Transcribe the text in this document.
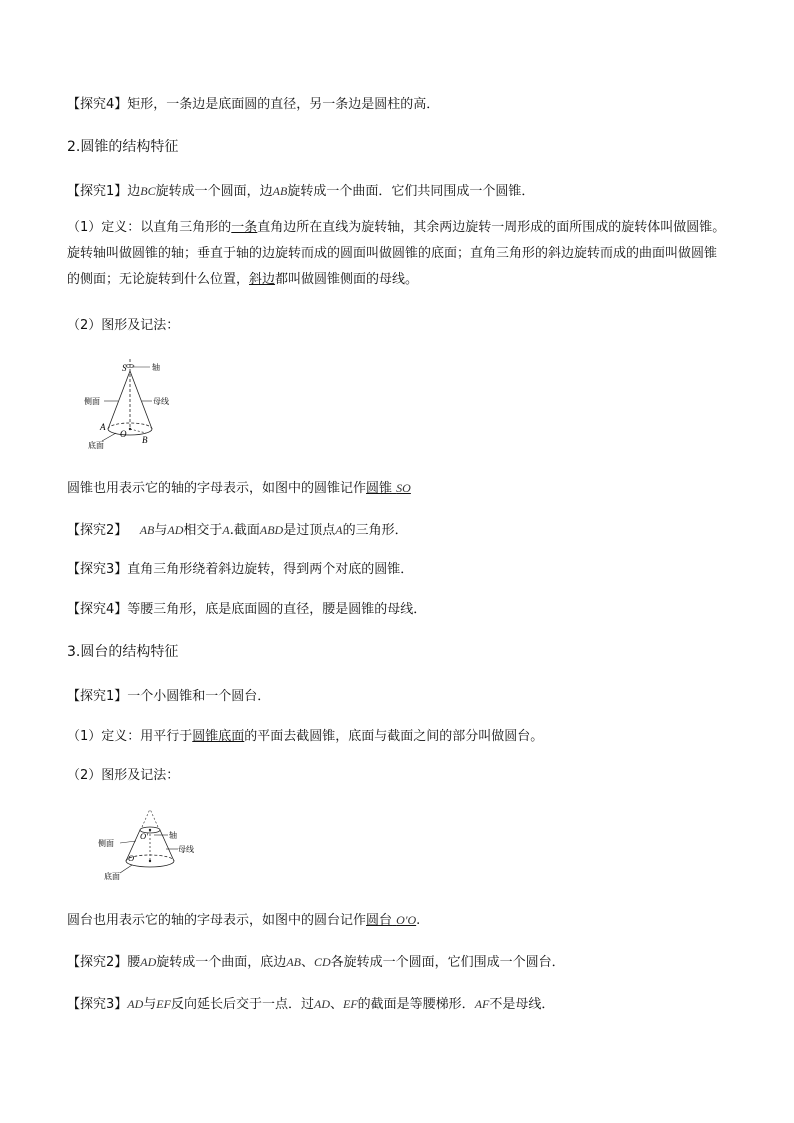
【探究4】矩形，一条边是底面圆的直径，另一条边是圆柱的高．
2.圆锥的结构特征
【探究1】边BC旋转成一个圆面，边AB旋转成一个曲面．它们共同围成一个圆锥．
（1）定义：以直角三角形的一条直角边所在直线为旋转轴，其余两边旋转一周形成的面所围成的旋转体叫做圆锥。旋转轴叫做圆锥的轴；垂直于轴的边旋转而成的圆面叫做圆锥的底面；直角三角形的斜边旋转而成的曲面叫做圆锥的侧面；无论旋转到什么位置，斜边都叫做圆锥侧面的母线。
（2）图形及记法：
S	轴
母线
侧面
A
O
B
底面
圆锥也用表示它的轴的字母表示，如图中的圆锥记作圆锥 SO
【探究2】 AB与AD相交于A.截面ABD是过顶点A的三角形．
【探究3】直角三角形绕着斜边旋转，得到两个对底的圆锥．
【探究4】等腰三角形，底是底面圆的直径，腰是圆锥的母线．
3.圆台的结构特征
【探究1】一个小圆锥和一个圆台．
（1）定义：用平行于圆锥底面的平面去截圆锥，底面与截面之间的部分叫做圆台。
（2）图形及记法：
O′
O
轴
母线
侧面
底面
圆台也用表示它的轴的字母表示，如图中的圆台记作圆台 O′O.
【探究2】腰AD旋转成一个曲面，底边AB、CD各旋转成一个圆面，它们围成一个圆台．
【探究3】AD与EF反向延长后交于一点．过AD、EF的截面是等腰梯形．AF不是母线．
